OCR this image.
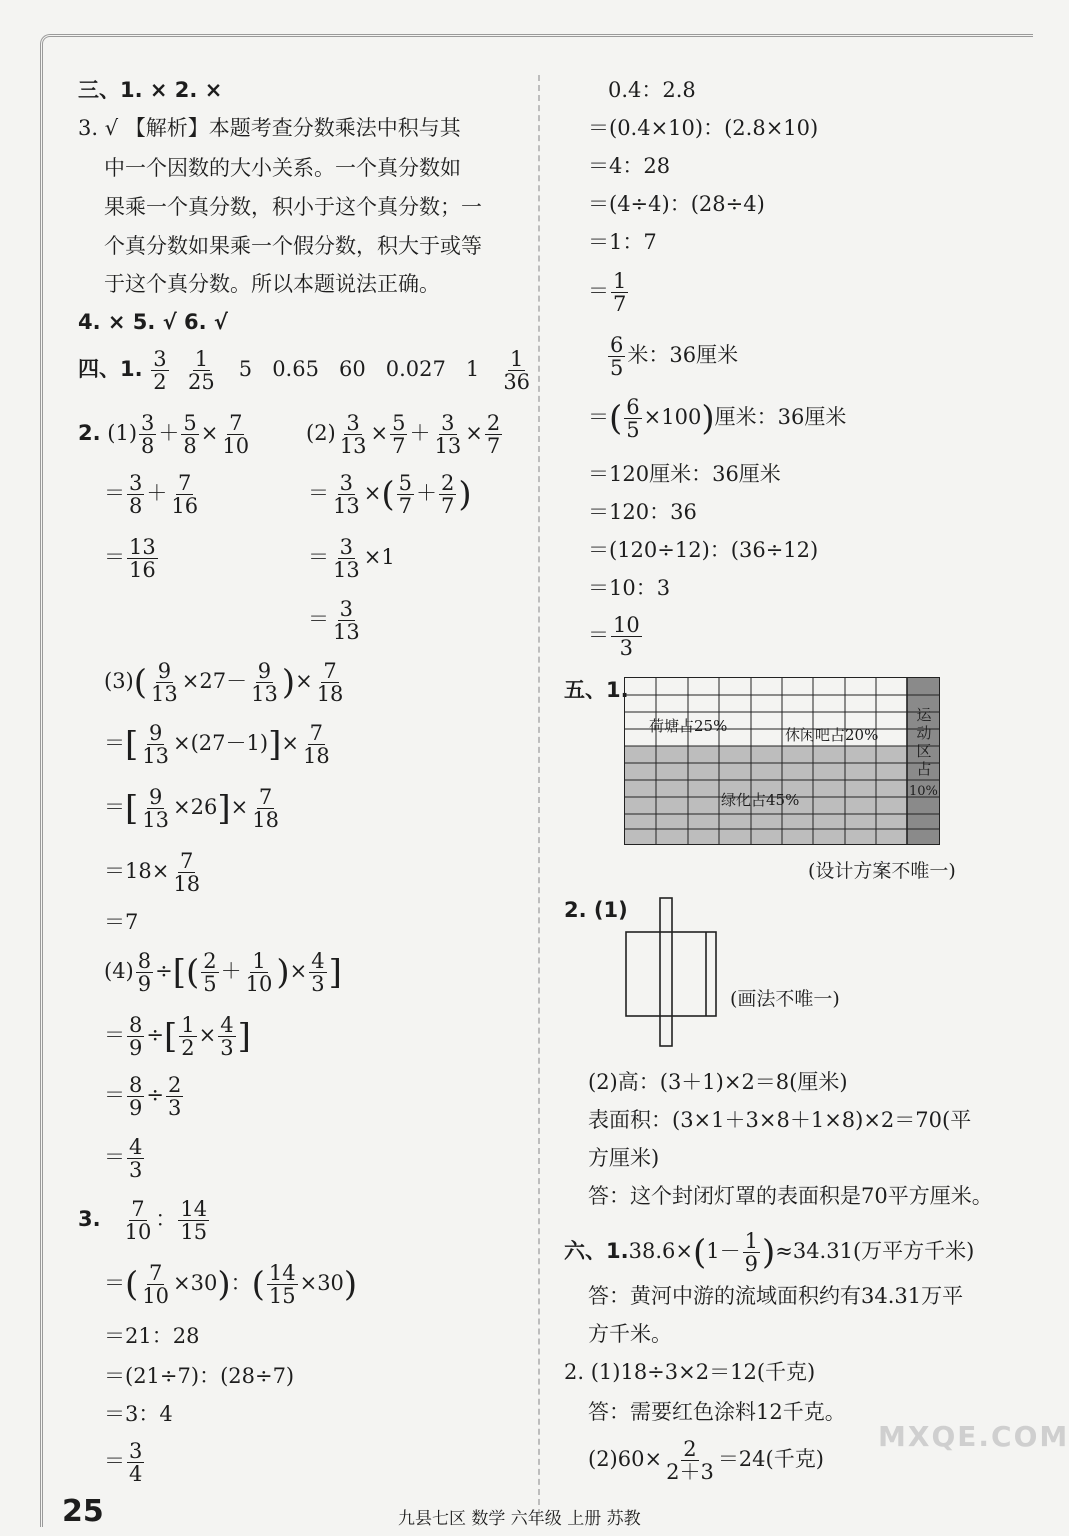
三、1. × 2. ×
3. √ 【解析】本题考查分数乘法中积与其
中一个因数的大小关系。一个真分数如
果乘一个真分数，积小于这个真分数；一
个真分数如果乘一个假分数，积大于或等
于这个真分数。所以本题说法正确。
4. × 5. √ 6. √
四、1. $\frac{3}{2}$
$\frac{1}{25} 5$ 0.65 60 0.027 $1 \frac{1}{36}$
2. $(1) \frac{3}{8} + \frac{5}{8} \times \frac{7}{10}$
＝ $\frac{3}{8} + \frac{7}{16}$
＝ $\frac{13}{16}$
$(2) \frac{3}{13} \times \frac{5}{7} + \frac{3}{13} \times \frac{2}{7}$
＝ $\frac{3}{13}$ ×( $\frac{5}{7} + \frac{2}{7}$ )
＝ $\frac{3}{13} \times 1$
＝ $\frac{3}{13}$
$(3)( \frac{9}{13} \times 27- \frac{9}{13}$ )× $\frac{7}{18}$
＝[ $\frac{9}{13} \times(27-1)]\times \frac{7}{18}$
＝[ $\frac{9}{13} \times 26]\times \frac{7}{18}$
$=18\times \frac{7}{18}$
＝7
$(4) \frac{8}{9}$ ÷[( $\frac{2}{5} + \frac{1}{10}$ )× $\frac{4}{3}$ ]
＝ $\frac{8}{9}$ ÷[ $\frac{1}{2} \times \frac{4}{3}$ ]
＝ $\frac{8}{9} \div \frac{2}{3}$
＝ $\frac{4}{3}$
3. $\frac{7}{10}$ ： $\frac{14}{15}$
＝( $\frac{7}{10} \times 30$)：( $\frac{14}{15} \times 30$)
＝21：28
＝(21÷7)：(28÷7)
＝3：4
＝ $\frac{3}{4}$
0.4：2.8
＝(0.4×10)：(2.8×10)
＝4：28
＝(4÷4)：(28÷4)
＝1：7
＝ $\frac{1}{7}$
$\frac{6}{5}$ 米：36厘米
＝( $\frac{6}{5} \times 100$)厘米：36厘米
＝120厘米：36厘米
＝120：36
＝(120÷12)：(36÷12)
＝10：3
＝ $\frac{10}{3}$
五、1.
荷塘占25%	休闲吧占20%
绿化占45%
运
动
区
占
10%
(设计方案不唯一)
2. (1)
(画法不唯一)
(2)高：(3＋1)×2＝8(厘米)
表面积：(3×1＋3×8＋1×8)×2＝70(平
方厘米)
答：这个封闭灯罩的表面积是70平方厘米。
六、$1.38.6\times(1- \frac{1}{9} )\approx 34.31$(万平方千米)
答：黄河中游的流域面积约有34.31万平
方千米。
2. (1)18÷3×2＝12(千克)
答：需要红色涂料12千克。
$(2)60\times \frac{2}{2+3} =24$(千克)
25	九县七区 数学 六年级 上册 苏教
MXQE.COM
